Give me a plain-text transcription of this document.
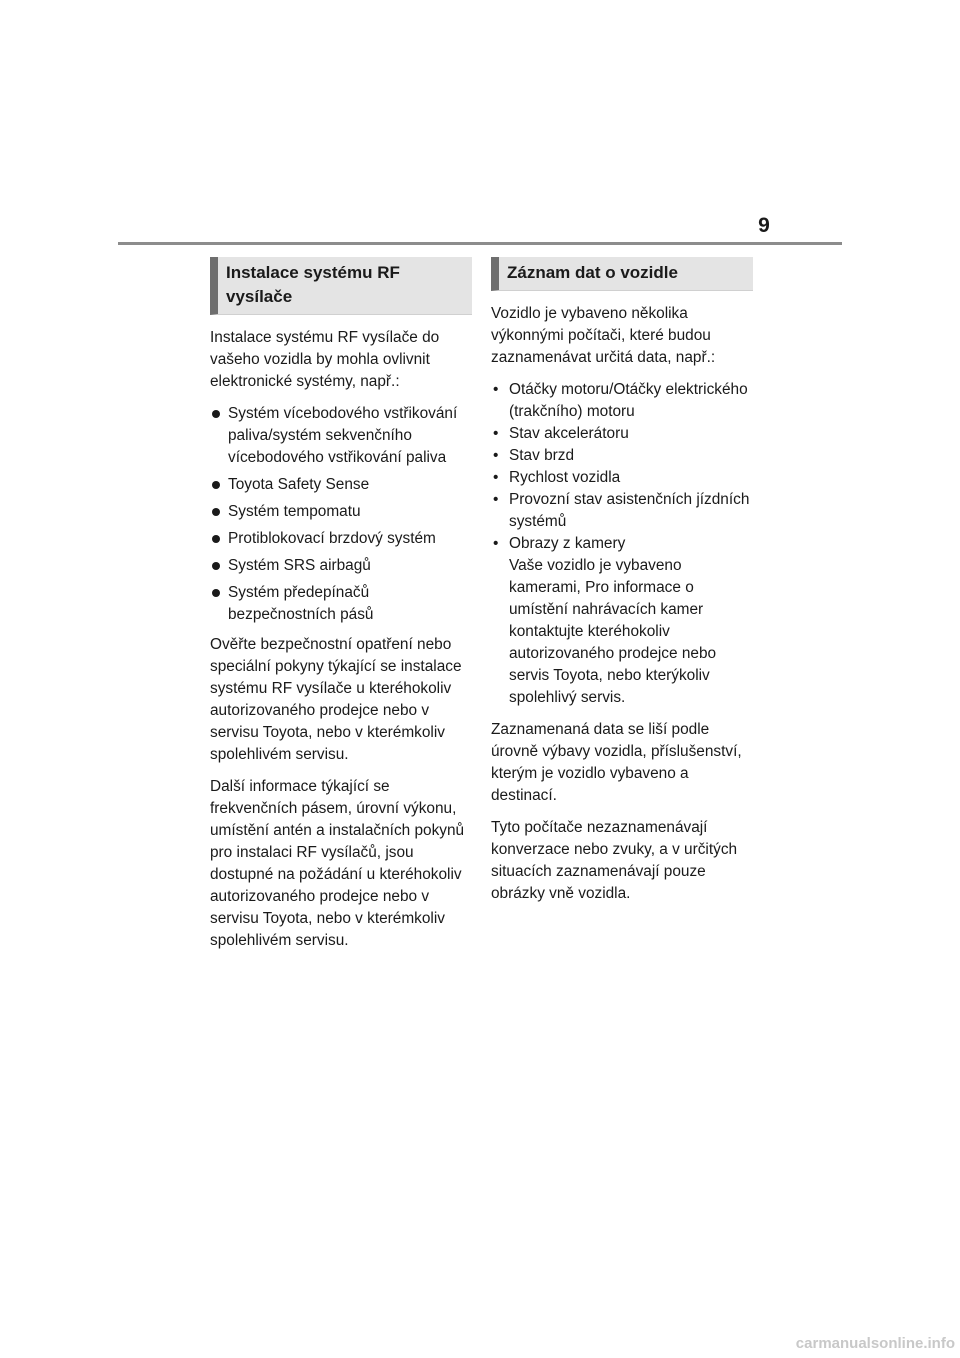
9
Instalace systému RF vysílače

Instalace systému RF vysílače do vašeho vozidla by mohla ovlivnit elektronické systémy, např.:

Systém vícebodového vstřikování paliva/systém sekvenčního vícebodového vstřikování paliva
Toyota Safety Sense
Systém tempomatu
Protiblokovací brzdový systém
Systém SRS airbagů
Systém předepínačů bezpečnostních pásů

Ověřte bezpečnostní opatření nebo speciální pokyny týkající se instalace systému RF vysílače u kteréhokoliv autorizovaného prodejce nebo v servisu Toyota, nebo v kterémkoliv spolehlivém servisu.

Další informace týkající se frekvenčních pásem, úrovní výkonu, umístění antén a instalačních pokynů pro instalaci RF vysílačů, jsou dostupné na požádání u kteréhokoliv autorizovaného prodejce nebo v servisu Toyota, nebo v kterémkoliv spolehlivém servisu.

Záznam dat o vozidle

Vozidlo je vybaveno několika výkonnými počítači, které budou zaznamenávat určitá data, např.:

• Otáčky motoru/Otáčky elektrického (trakčního) motoru
• Stav akcelerátoru
• Stav brzd
• Rychlost vozidla
• Provozní stav asistenčních jízdních systémů
• Obrazy z kamery
Vaše vozidlo je vybaveno kamerami, Pro informace o umístění nahrávacích kamer kontaktujte kteréhokoliv autorizovaného prodejce nebo servis Toyota, nebo kterýkoliv spolehlivý servis.

Zaznamenaná data se liší podle úrovně výbavy vozidla, příslušenství, kterým je vozidlo vybaveno a destinací.

Tyto počítače nezaznamenávají konverzace nebo zvuky, a v určitých situacích zaznamenávají pouze obrázky vně vozidla.

carmanualsonline.info
